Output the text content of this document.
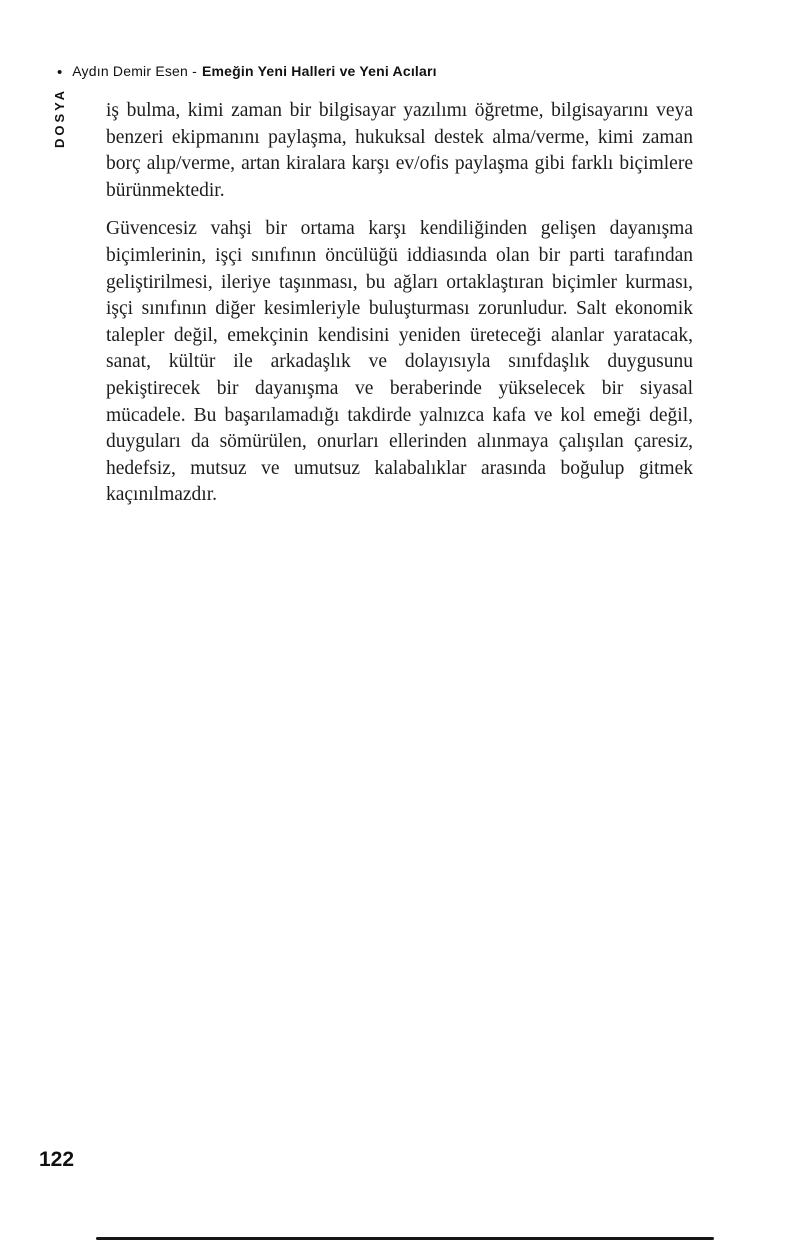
• Aydın Demir Esen - Emeğin Yeni Halleri ve Yeni Acıları
DOSYA iş bulma, kimi zaman bir bilgisayar yazılımı öğretme, bilgisayarını veya benzeri ekipmanını paylaşma, hukuksal destek alma/verme, kimi zaman borç alıp/verme, artan kiralara karşı ev/ofis paylaşma gibi farklı biçimlere bürünmektedir.

Güvencesiz vahşi bir ortama karşı kendiliğinden gelişen dayanışma biçimlerinin, işçi sınıfının öncülüğü iddiasında olan bir parti tarafından geliştirilmesi, ileriye taşınması, bu ağları ortaklaştıran biçimler kurması, işçi sınıfının diğer kesimleriyle buluşturması zorunludur. Salt ekonomik talepler değil, emekçinin kendisini yeniden üreteceği alanlar yaratacak, sanat, kültür ile arkadaşlık ve dolayısıyla sınıfdaşlık duygusunu pekiştirecek bir dayanışma ve beraberinde yükselecek bir siyasal mücadele. Bu başarılamadığı takdirde yalnızca kafa ve kol emeği değil, duyguları da sömürülen, onurları ellerinden alınmaya çalışılan çaresiz, hedefsiz, mutsuz ve umutsuz kalabalıklar arasında boğulup gitmek kaçınılmazdır.

122
